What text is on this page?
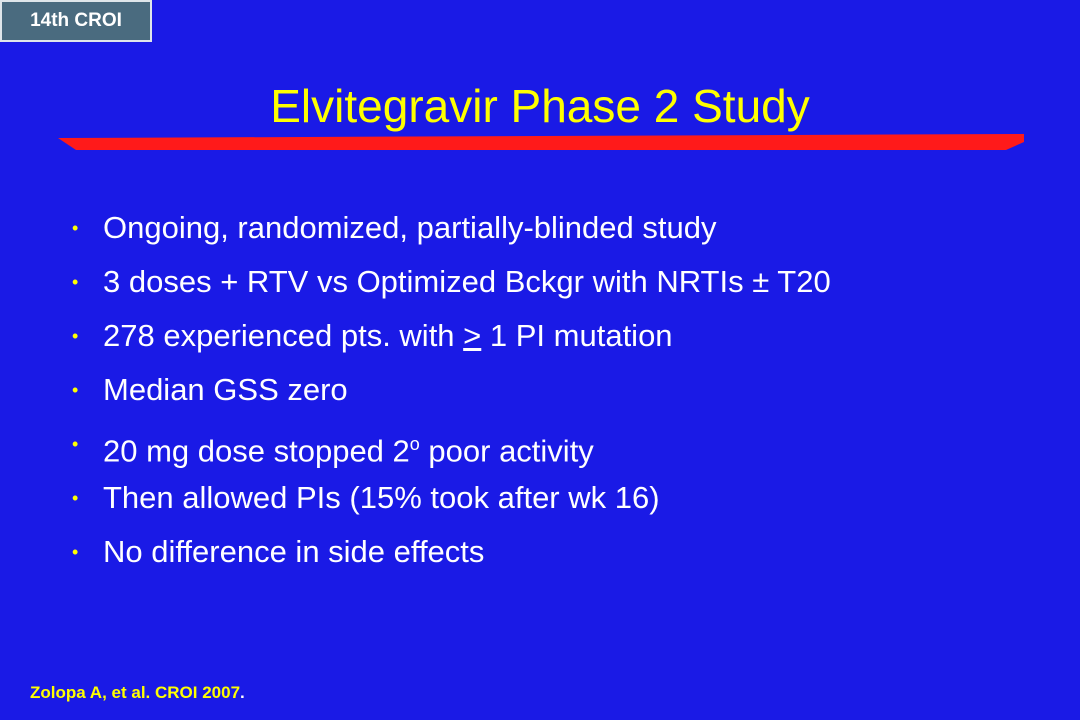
14th CROI
Elvitegravir Phase 2 Study
• Ongoing, randomized, partially-blinded study
• 3 doses + RTV vs Optimized Bckgr with NRTIs ± T20
• 278 experienced pts. with ≥ 1 PI mutation
• Median GSS zero
• 20 mg dose stopped 2$^o$ poor activity
• Then allowed PIs (15% took after wk 16)
• No difference in side effects
Zolopa A, et al. CROI 2007.
